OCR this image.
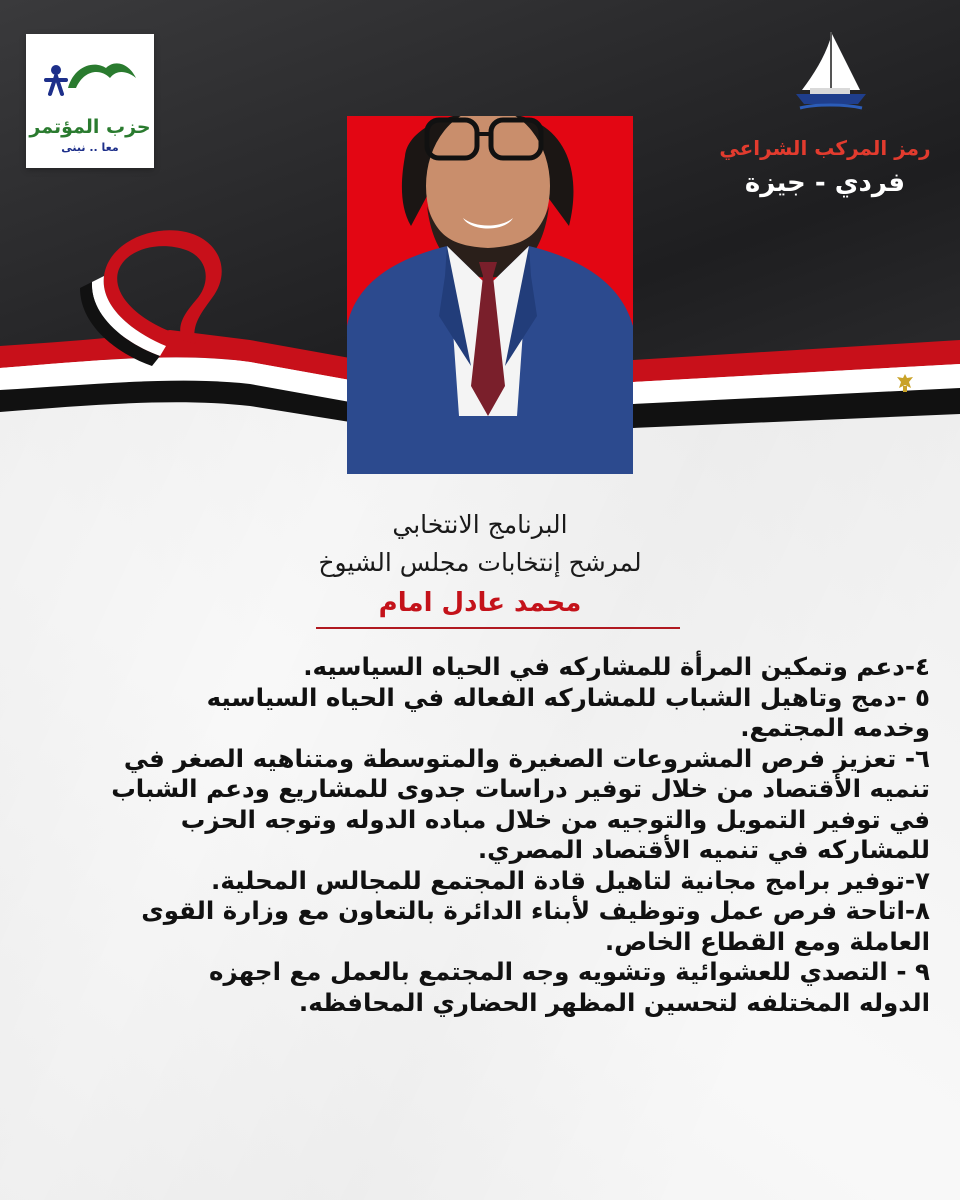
حزب المؤتمر
معا .. نبنى	رمز المركب الشراعي
فردي - جيزة
البرنامج الانتخابي
لمرشح إنتخابات مجلس الشيوخ
محمد عادل امام

٤-دعم وتمكين المرأة للمشاركه في الحياه السياسيه.

٥ -دمج وتاهيل الشباب للمشاركه الفعاله في الحياه السياسيه

وخدمه المجتمع.

٦- تعزيز فرص المشروعات الصغيرة والمتوسطة ومتناهيه الصغر في

تنميه الأقتصاد من خلال توفير دراسات جدوى للمشاريع ودعم الشباب

في توفير التمويل والتوجيه من خلال مباده الدوله وتوجه الحزب

للمشاركه في تنميه الأقتصاد المصري.

٧-توفير برامج مجانية لتاهيل قادة المجتمع للمجالس المحلية.

٨-اتاحة فرص عمل وتوظيف لأبناء الدائرة بالتعاون مع وزارة القوى

العاملة ومع القطاع الخاص.

٩ - التصدي للعشوائية وتشويه وجه المجتمع بالعمل مع اجهزه

الدوله المختلفه لتحسين المظهر الحضاري المحافظه.
